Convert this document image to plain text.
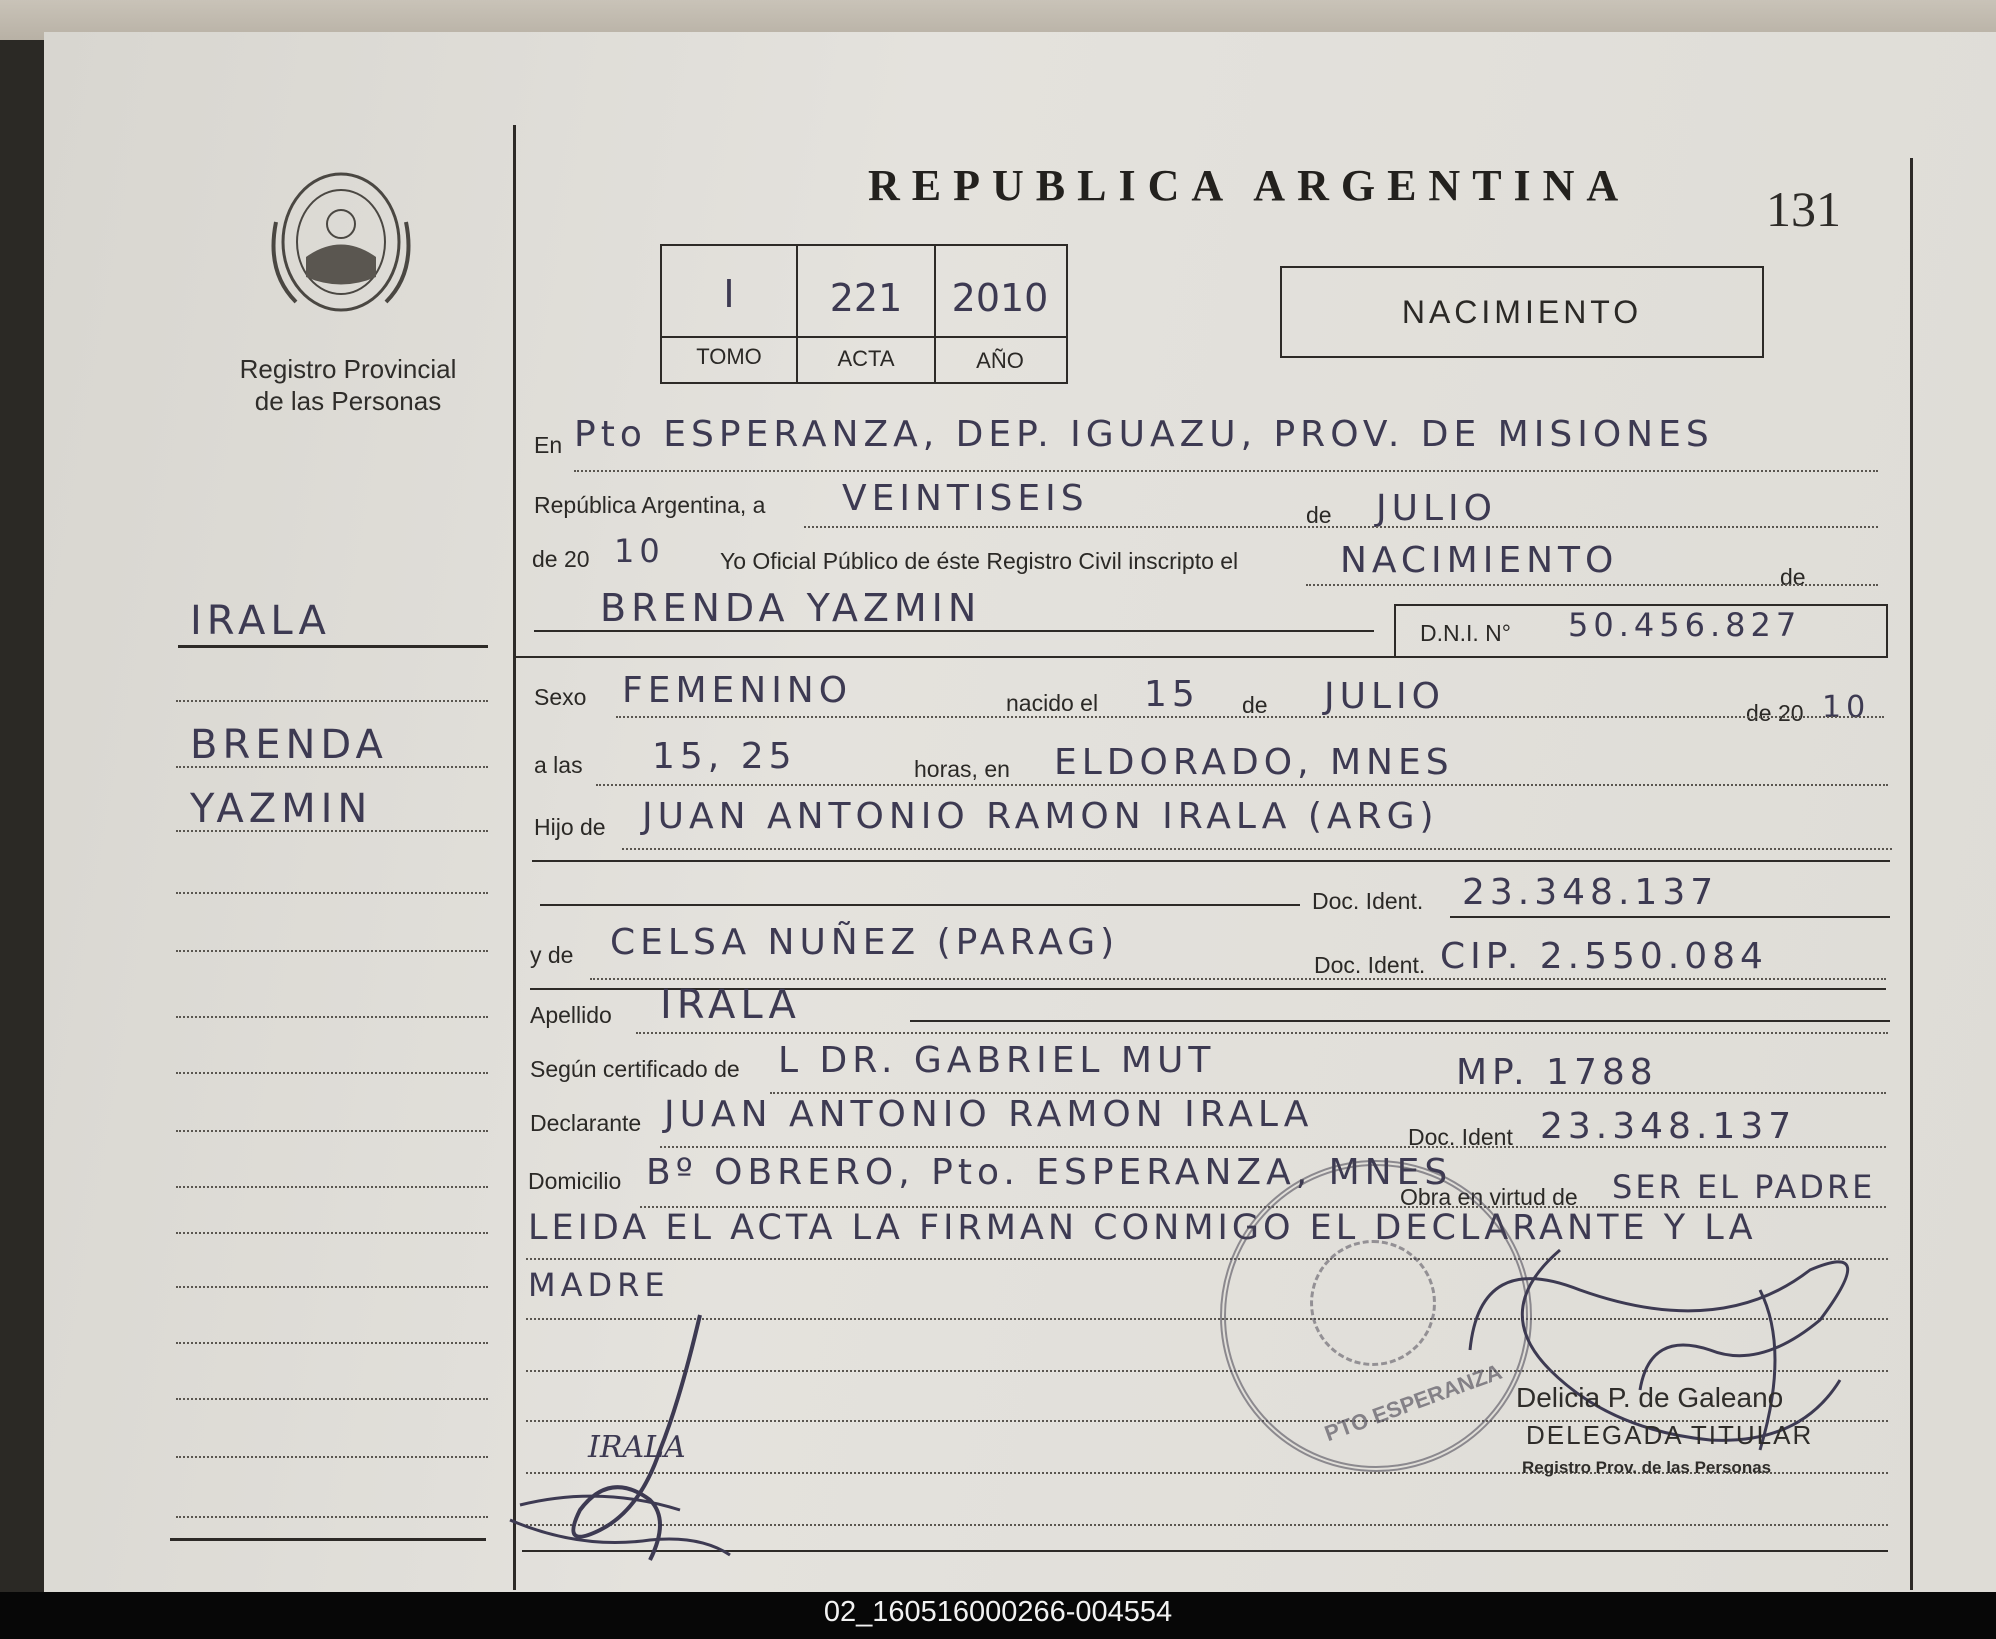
Registro Provincial
de las Personas
IRALA
BRENDA
YAZMIN
REPUBLICA ARGENTINA	131
I	221	2010
TOMO	ACTA	AÑO
NACIMIENTO
En Pto ESPERANZA, DEP. IGUAZU, PROV. DE MISIONES
República Argentina, a VEINTISEIS	de JULIO
de 20 10 Yo Oficial Público de éste Registro Civil inscripto el	NACIMIENTO	de
BRENDA YAZMIN
D.N.I. N° 50.456.827
Sexo FEMENINO	nacido el 15 de JULIO	de 20 10
a las 15, 25	horas, en ELDORADO, MNES
Hijo de JUAN ANTONIO RAMON IRALA (ARG)
Doc. Ident. 23.348.137
y de CELSA NUÑEZ (PARAG)
Doc. Ident. CIP. 2.550.084
Apellido IRALA
Según certificado de L DR. GABRIEL MUT	MP. 1788
Declarante JUAN ANTONIO RAMON IRALA
Doc. Ident 23.348.137
Domicilio Bº OBRERO, Pto. ESPERANZA, MNES
Obra en virtud de SER EL PADRE
LEIDA EL ACTA LA FIRMAN CONMIGO EL DECLARANTE Y LA
MADRE
PTO ESPERANZA
IRALA
Delicia P. de Galeano
DELEGADA TITULAR
Registro Prov. de las Personas
02_160516000266-004554
